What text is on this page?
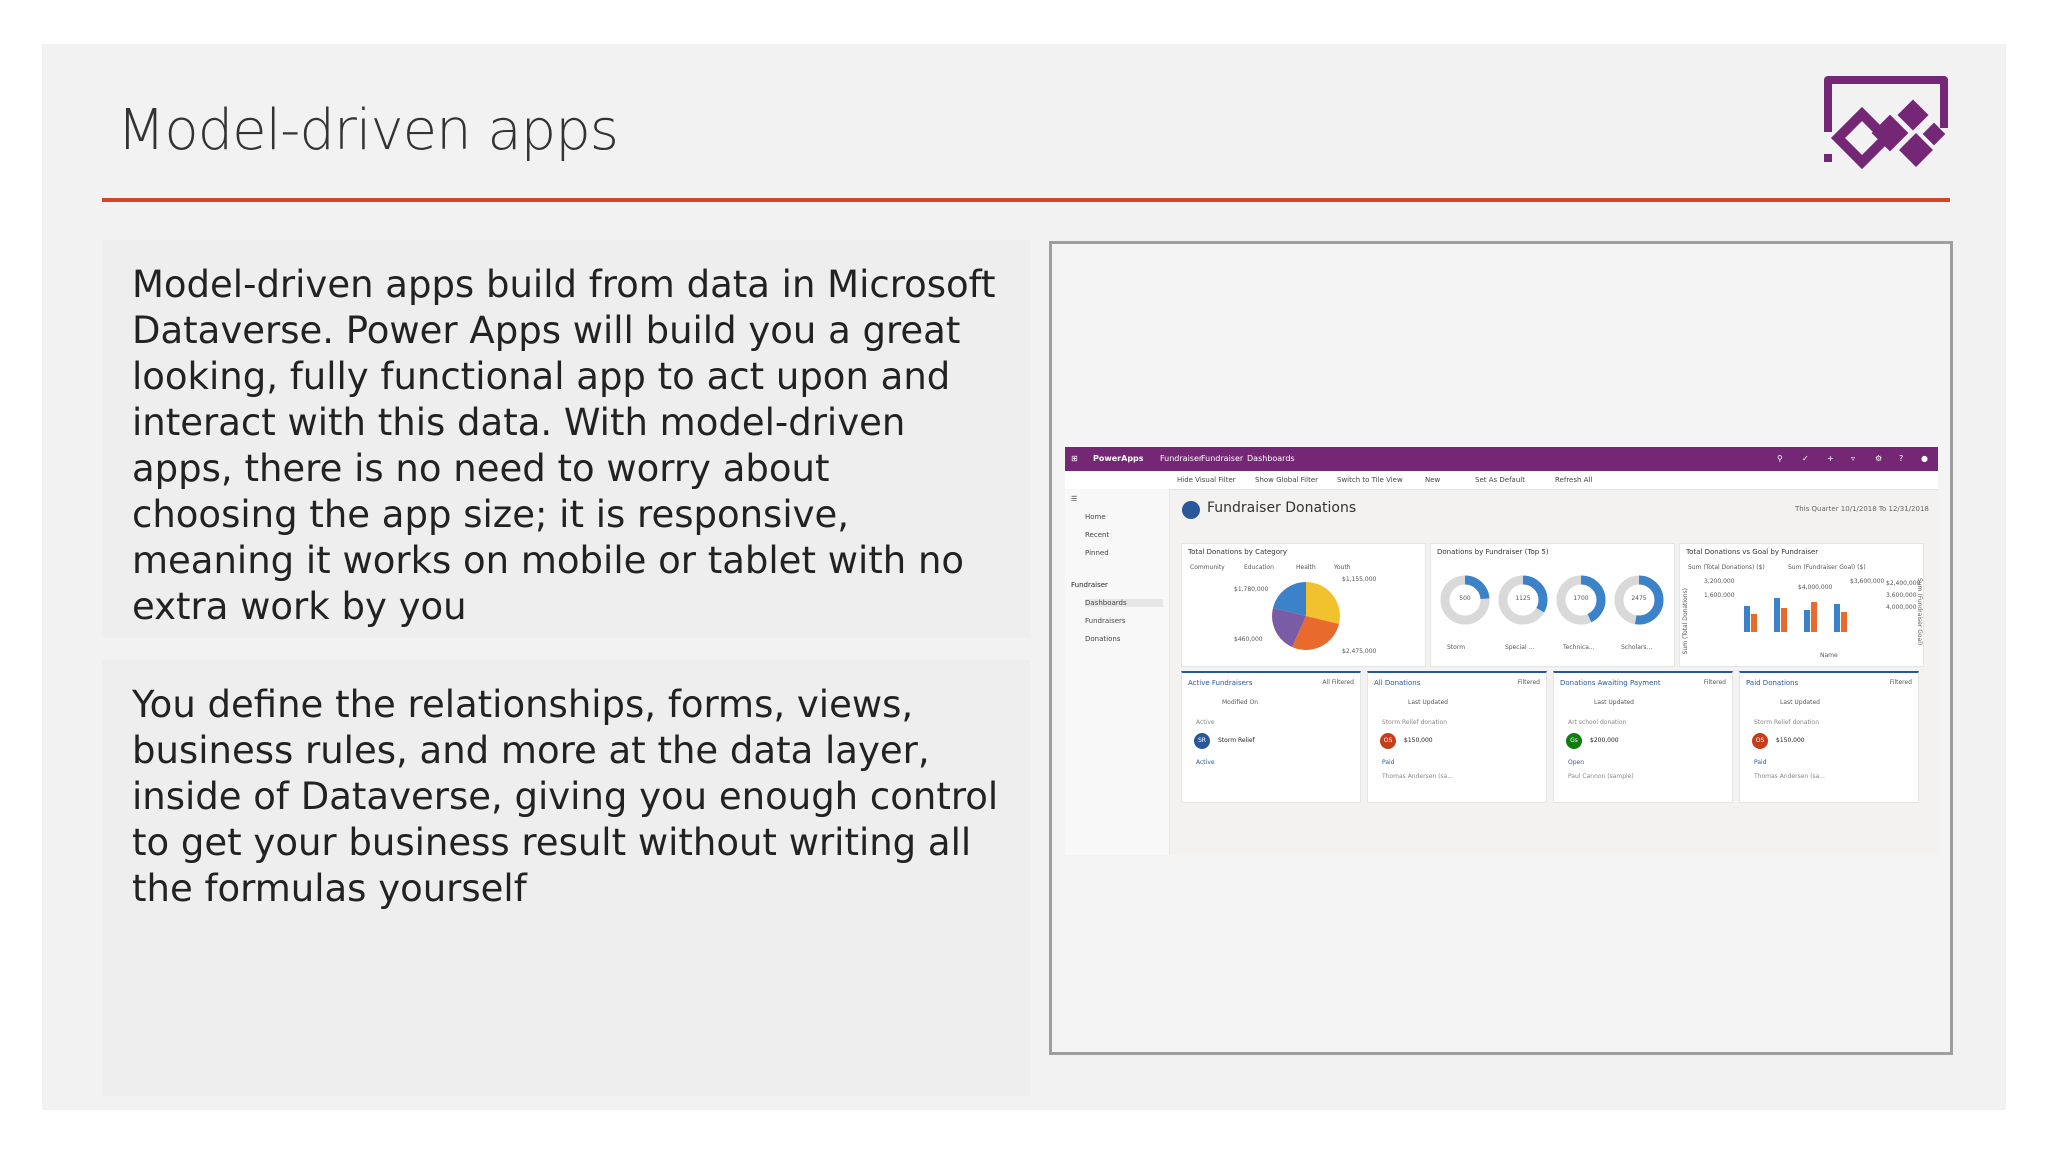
Model-driven apps
Model-driven apps build from data in Microsoft Dataverse. Power Apps will build you a great looking, fully functional app to act upon and interact with this data. With model-driven apps, there is no need to worry about choosing the app size; it is responsive, meaning it works on mobile or tablet with no extra work by you
You define the relationships, forms, views, business rules, and more at the data layer, inside of Dataverse, giving you enough control to get your business result without writing all the formulas yourself
⊞ PowerApps Fundraiser
Fundraiser Dashboards	⚲ ✓ + ▿ ⚙ ? ●
Hide Visual Filter	Show Global Filter	Switch to Tile View	New	Set As Default	Refresh All
☰
Home
Recent
Pinned
Fundraiser
Dashboards
Fundraisers
Donations
Fundraiser Donations	This Quarter 10/1/2018 To 12/31/2018
Total Donations by Category
Community	Education	Health	Youth
$1,780,000
$1,155,000
$460,000
$2,475,000
Donations by Fundraiser (Top 5)
500
Storm
1125
Special ...
1700
Technica...
2475
Scholars...
Total Donations vs Goal by Fundraiser
Sum (Total Donations) ($)	Sum (Fundraiser Goal) ($)
3,200,000
1,600,000
$4,000,000
$3,600,000 $2,400,000
3,600,000
4,000,000
Sum (Total Donations)	Sum (Fundraiser Goal)
Name
Active Fundraisers	All Filtered
Modified On
Active
SR	Storm Relief
Active
All Donations	Filtered
Last Updated
Storm Relief donation
OS	$150,000
Paid
Thomas Andersen (sa...
Donations Awaiting Payment	Filtered
Last Updated
Art school donation
Gs	$200,000
Open
Paul Cannon (sample)
Paid Donations	Filtered
Last Updated
Storm Relief donation
OS	$150,000
Paid
Thomas Andersen (sa...
